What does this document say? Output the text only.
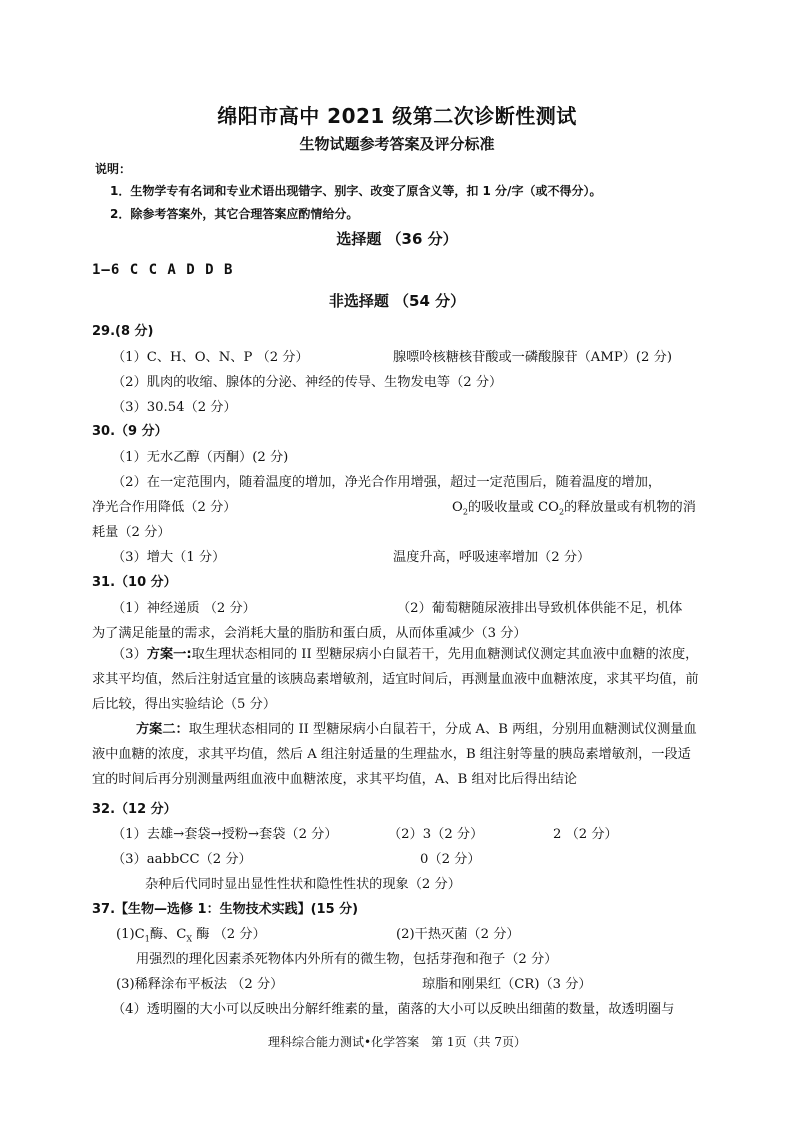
绵阳市高中 2021 级第二次诊断性测试
生物试题参考答案及评分标准
说明：
1．生物学专有名词和专业术语出现错字、别字、改变了原含义等，扣 1 分/字（或不得分）。
2．除参考答案外，其它合理答案应酌情给分。
选择题 （36 分）
1—6 C C A D D B
非选择题 （54 分）
29.(8 分)
（1）C、H、O、N、P （2 分）	腺嘌呤核糖核苷酸或一磷酸腺苷（AMP）(2 分)
（2）肌肉的收缩、腺体的分泌、神经的传导、生物发电等（2 分）
（3）30.54（2 分）
30.（9 分）
（1）无水乙醇（丙酮）(2 分)
（2）在一定范围内，随着温度的增加，净光合作用增强，超过一定范围后，随着温度的增加，
净光合作用降低（2 分）	$O_2$的吸收量或 $CO_2$的释放量或有机物的消
耗量（2 分）
（3）增大（1 分）	温度升高，呼吸速率增加（2 分）
31.（10 分）
（1）神经递质 （2 分）	（2）葡萄糖随尿液排出导致机体供能不足，机体
为了满足能量的需求，会消耗大量的脂肪和蛋白质，从而体重减少（3 分）
（3）方案一:取生理状态相同的 II 型糖尿病小白鼠若干，先用血糖测试仪测定其血液中血糖的浓度，求其平均值，然后注射适宜量的该胰岛素增敏剂，适宜时间后，再测量血液中血糖浓度，求其平均值，前后比较，得出实验结论（5 分）
方案二：取生理状态相同的 II 型糖尿病小白鼠若干，分成 A、B 两组，分别用血糖测试仪测量血液中血糖的浓度，求其平均值，然后 A 组注射适量的生理盐水，B 组注射等量的胰岛素增敏剂，一段适宜的时间后再分别测量两组血液中血糖浓度，求其平均值，A、B 组对比后得出结论
32.（12 分）
（1）去雄→套袋→授粉→套袋（2 分）	（2）3（2 分）	2 （2 分）
（3）aabbCC（2 分）	0（2 分）
杂种后代同时显出显性性状和隐性性状的现象（2 分）
37.【生物—选修 1：生物技术实践】(15 分)
$(1)C_1$酶、$C_X$ 酶 （2 分）	(2)干热灭菌（2 分）
用强烈的理化因素杀死物体内外所有的微生物，包括芽孢和孢子（2 分）
(3)稀释涂布平板法 （2 分）	琼脂和刚果红（CR)（3 分）
（4）透明圈的大小可以反映出分解纤维素的量，菌落的大小可以反映出细菌的数量，故透明圈与
理科综合能力测试•化学答案　第 1页（共 7页）
